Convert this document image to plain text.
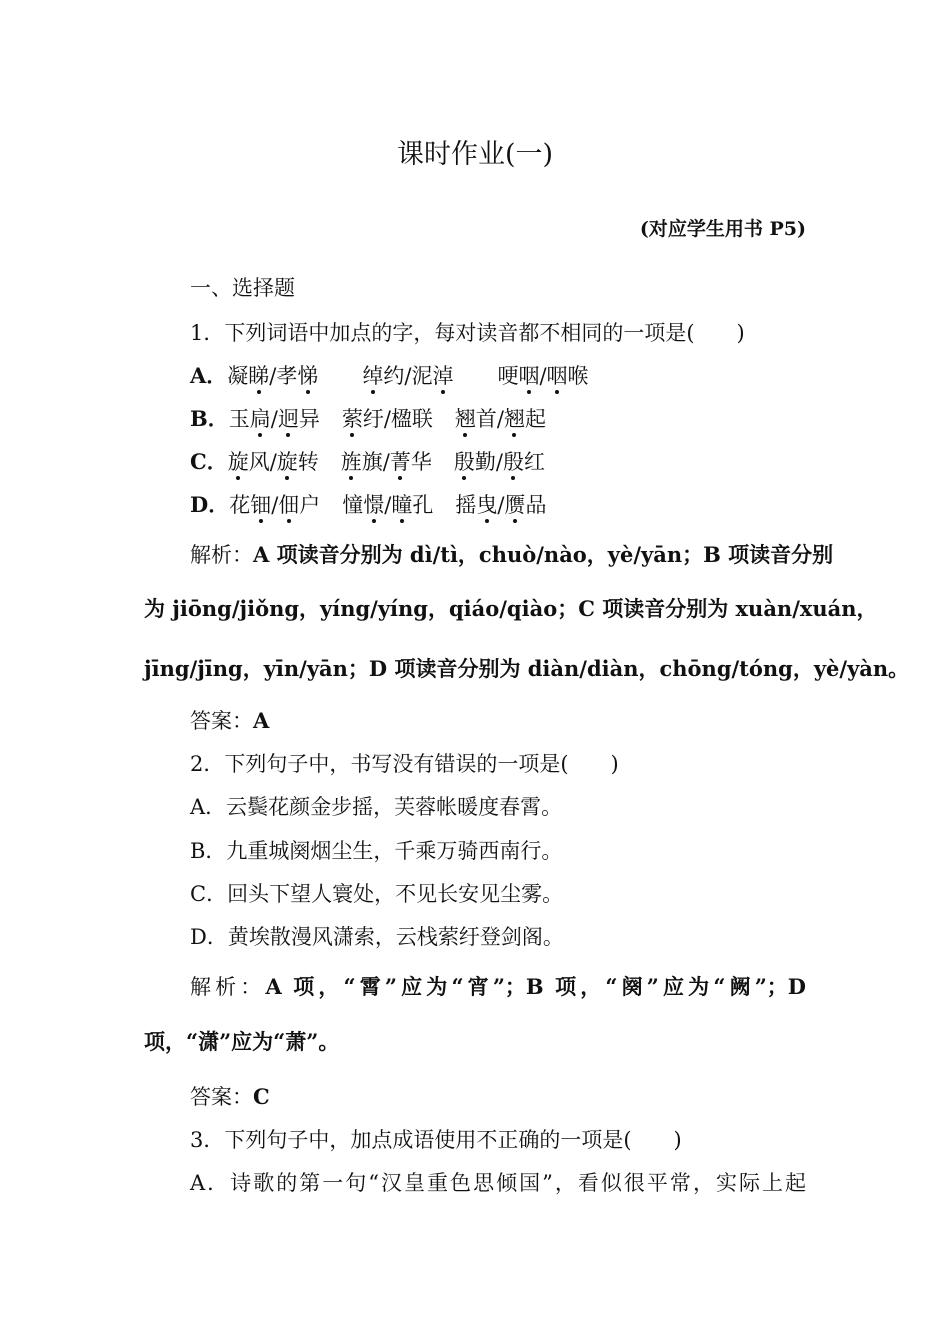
课时作业(一)
(对应学生用书 P5)
一、选择题
1．下列词语中加点的字，每对读音都不相同的一项是(　　)
A．凝睇/孝悌 绰约/泥淖 哽咽/咽喉
B．玉扃/迥异 萦纡/楹联 翘首/翘起
C．旋风/旋转 旌旗/菁华 殷勤/殷红
D．花钿/佃户 憧憬/瞳孔 摇曳/赝品
解析：A 项读音分别为 dì/tì，chuò/nào，yè/yān；B 项读音分别
为 jiōng/jiǒng，yíng/yíng，qiáo/qiào；C 项读音分别为 xuàn/xuán，
jīng/jīng，yīn/yān；D 项读音分别为 diàn/diàn，chōng/tóng，yè/yàn。
答案：A
2．下列句子中，书写没有错误的一项是(　　)
A．云鬓花颜金步摇，芙蓉帐暖度春霄。
B．九重城阕烟尘生，千乘万骑西南行。
C．回头下望人寰处，不见长安见尘雾。
D．黄埃散漫风潇索，云栈萦纡登剑阁。
解析：A 项，“霄”应为“宵”；B 项，“阕”应为“阙”；D
项，“潇”应为“萧”。
答案：C
3．下列句子中，加点成语使用不正确的一项是(　　)
A．诗歌的第一句“汉皇重色思倾国”，看似很平常，实际上起
